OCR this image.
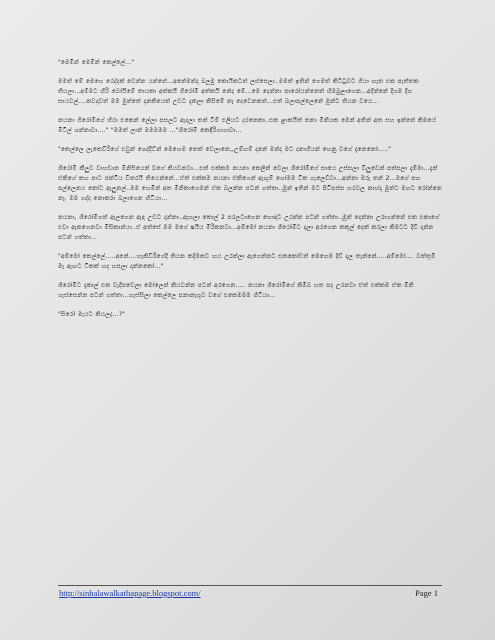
"මෙමින් මෙමින් කෙල්ලේ..."

මමත් මේ මෙහෙ රෙද්දක් වෙන්න යන්නේ...අනේමන්දා බලමු කොයිකටත් ලස්සෙලා..මමත් ඉතින් ගෙමත් කිට්ටුවට ගියා හැත එක පැත්තක තියලා...අම්මට හිරි බෝයිමේ තායකා අත්කයි ගිරෝමි අත්කයි නේද මේ...මෙ දෙන්නා පාරෝයන්නෙත් හිමබුලාගෙන...අදින්නේ දිගම දිග සායවල්....කවදාවත් මම මුත්තේ දානකියෙත් උඩට දැකලා කිසිමේ නෑ දෙවෙනකත්...එත් බලාපල්ලෙනේ මූන්ට තියන වයෙ...

නයනා ගිරෝමිගේ හිරා එකෙන් ලේලා පසලට ඇදලා තන් ටිම් එලියට දරනෙකා..එක ළාකයිත් තනා මිනියක මෙන් අතින් අත සහ ඉන්නේ කිමයේ මිටිල් ශන්නාවා...." "මමත් ලාන් මමමමම ..."ශිරෝමි කෙඳිරිගාගාවා...

"කෙල්ලෙ ලැකෙවිරිගේ එවුන් ශෙද්දිට්න් මෙහෙම තෙත් වෙලානෙ,,උම්හම් දානේ මන්දා මට දනාගියන් හෙනු වගේ දැනෙනෝ....."

ශිරෝමි කීලුව වාහචාන මිනිසියෙන් වගේ කියවනවා...එත් එක්කම නයනා කෙලින් වෙලා ශිරෝමිගේ සායෙ උස්සලා විලුවෙන් පත්පලා දැම්මා...දැන් ඒකිගේ කහ පාට ජන්ටිය විතරයි තියෙන්නේ...ඒත් එක්කම නයනා ඒකිගෙන් ඇඟුම් ගෝමම ටික ගැලෙව්වා...අන්නා මරු තන් 2...මගේ පහ පල්ලෙනය කෝට ඇලුනල්..මම හෙමින් අත මිනිකාගෙමන් ඒක බලන්න පටන් ගත්තා..මූන් ඉතින් මට පිටිපස්ස හරවල නාහ්දා මූන්ට මහට රෝන්නෙ නෑ. මම ගද්ද නොකරා බලාගෙන හිටියා...

නයනා, ශිරෝමිගත් ඇලගෙන ඇඳ උඩට දාන්නා..ඇහලා කොල් 2 පරලටාගෙන හොඳට උරන්න පටන් ගත්තා..මූන් දෙන්නා උරාගන්නේ එක එකාගේ එවා ඇකගෙනවා මිසිකාන්යා..ඒ අත්සේ මම මගේ ෂයිය මිරිකනවා...අම්මෝ නයනා ශිරෝමිට දාලා අරගෙන කකුල් දෙක් කරලා කිමටට දිව් දාන්න පටන් ගත්තා...

"අම්මෝ කෙල්ලේ.....අනේ....හැකිවිරිගේදි තියන කදිමකට ඟය උරන්ලා ඇගෙන්නට එකකෝඩත් මෙහෙම දිව් දාල තැන්නේ.....අම්මෝ.... වත්තුමී මෑ ඇඟට ටිකක් හද හපලා දාන්නකෝ..."

ශිරෝමිට දැකාල් එක වැදීපවෙලා මෝලෙන් කියවන්න පටන් අරගෙන..... නයනා ශිරෝමිගේ කිමිබ හත පද උරනවා ඒත් එක්කම ඒක මිනි ගැස්සෙන්න පටන් ගත්තා...ගැස්සිලා කෙල්ලෙ පනානැගුව වගේ එකෙමමම හිටියා...

"සිරෝ මැයට කියලද...?"

http://sinhalawalkathapage.blogspot.com/	Page 1
